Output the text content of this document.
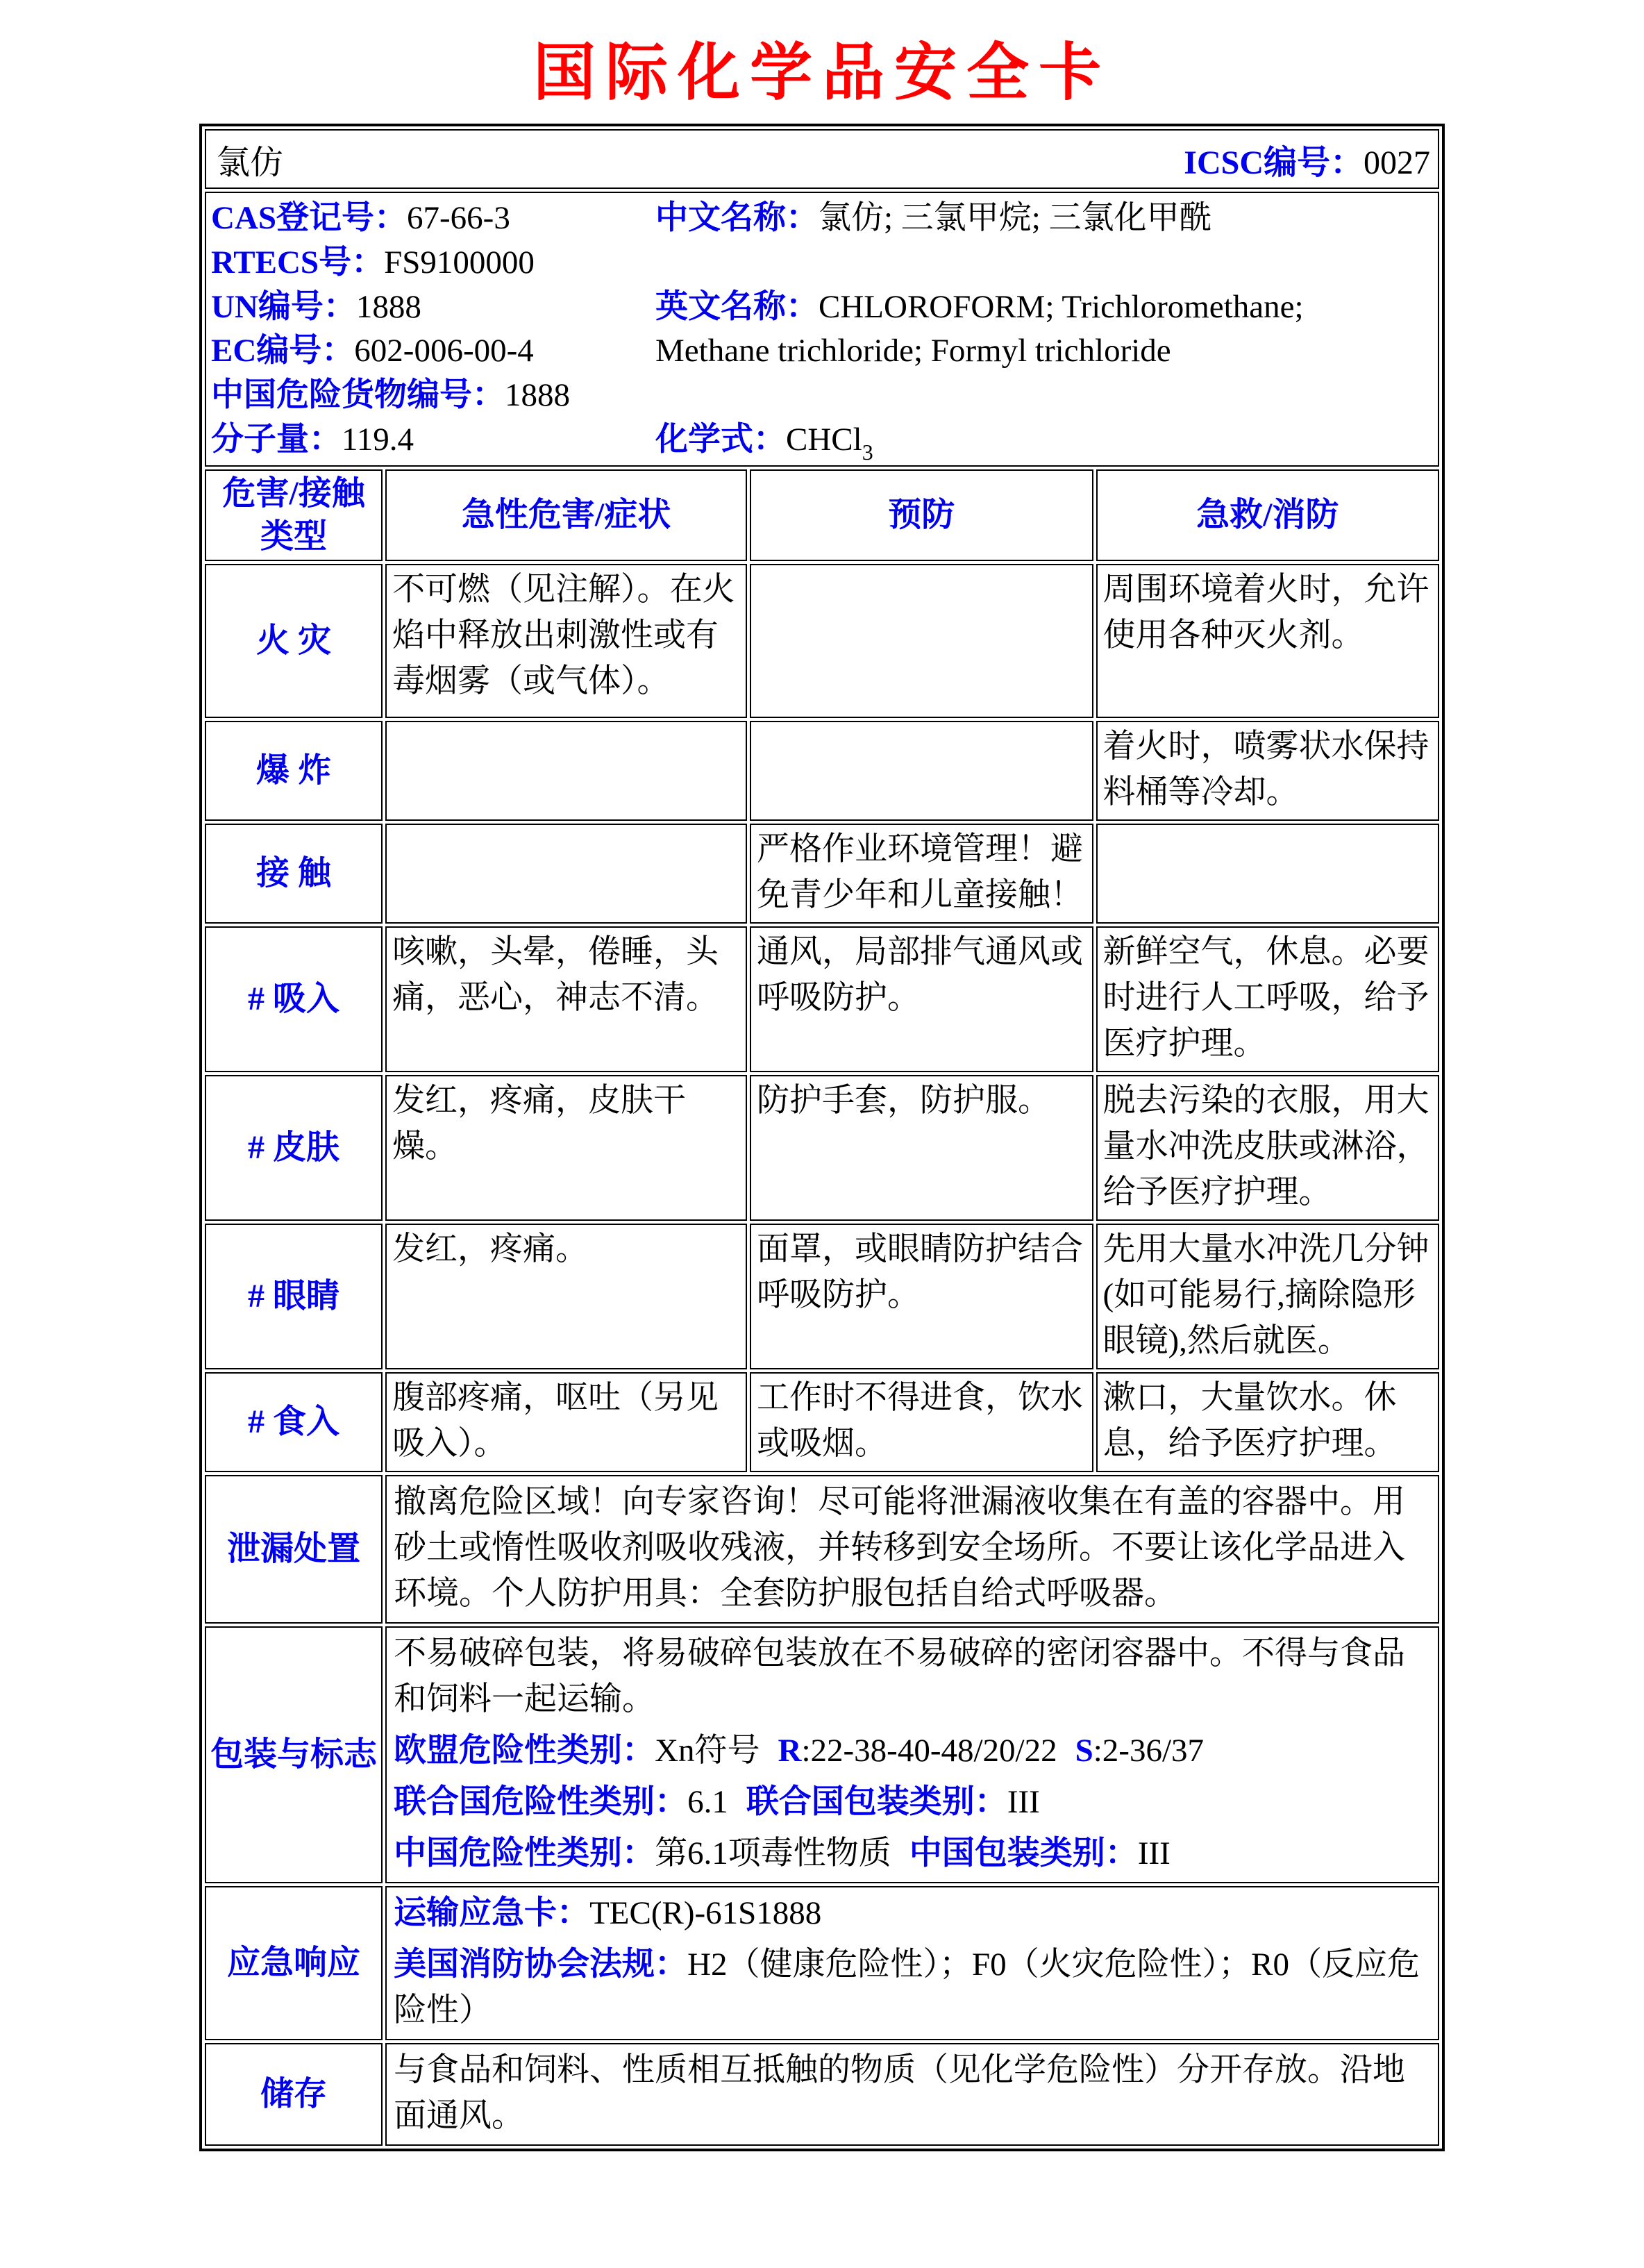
国际化学品安全卡
氯仿 ICSC编号：0027			

CAS登记号：67-66-3
RTECS号：FS9100000
UN编号：1888
EC编号：602-006-00-4
中国危险货物编号：1888
分子量：119.4
中文名称：氯仿; 三氯甲烷; 三氯化甲酰
英文名称：CHLOROFORM; Trichloromethane; Methane trichloride; Formyl trichloride
化学式：CHCl$_3$

危害/接触
类型	急性危害/症状	预防	急救/消防
火 灾	不可燃（见注解）。在火焰中释放出刺激性或有毒烟雾（或气体）。		周围环境着火时，允许使用各种灭火剂。
爆 炸			着火时，喷雾状水保持料桶等冷却。
接 触		严格作业环境管理！避免青少年和儿童接触！	
# 吸入	咳嗽，头晕，倦睡，头痛，恶心，神志不清。	通风，局部排气通风或呼吸防护。	新鲜空气，休息。必要时进行人工呼吸，给予医疗护理。
# 皮肤	发红，疼痛，皮肤干燥。	防护手套，防护服。	脱去污染的衣服，用大量水冲洗皮肤或淋浴，给予医疗护理。
# 眼睛	发红，疼痛。	面罩，或眼睛防护结合呼吸防护。	先用大量水冲洗几分钟(如可能易行,摘除隐形眼镜),然后就医。
# 食入	腹部疼痛，呕吐（另见吸入）。	工作时不得进食，饮水或吸烟。	漱口，大量饮水。休息，给予医疗护理。
泄漏处置	撤离危险区域！向专家咨询！尽可能将泄漏液收集在有盖的容器中。用砂土或惰性吸收剂吸收残液，并转移到安全场所。不要让该化学品进入环境。个人防护用具：全套防护服包括自给式呼吸器。		
包装与标志	不易破碎包装，将易破碎包装放在不易破碎的密闭容器中。不得与食品和饲料一起运输。

欧盟危险性类别：Xn符号 R:22-38-40-48/20/22 S:2-36/37

联合国危险性类别：6.1 联合国包装类别：III

中国危险性类别：第6.1项毒性物质 中国包装类别：III		

应急响应	运输应急卡：TEC(R)-61S1888

美国消防协会法规：H2（健康危险性）；F0（火灾危险性）；R0（反应危险性）		

储存	与食品和饲料、性质相互抵触的物质（见化学危险性）分开存放。沿地面通风。		
